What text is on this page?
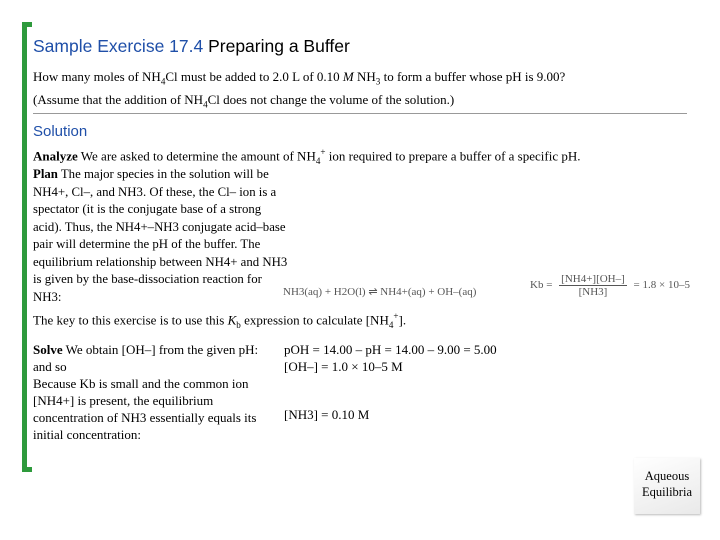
Sample Exercise 17.4 Preparing a Buffer
How many moles of $NH_4Cl$ must be added to 2.0 L of 0.10 M $NH_3$ to form a buffer whose pH is 9.00?
(Assume that the addition of $NH_4Cl$ does not change the volume of the solution.)
Solution
Analyze We are asked to determine the amount of $NH_4^+$ ion required to prepare a buffer of a specific pH.
Plan The major species in the solution will be NH4+, Cl–, and NH3. Of these, the Cl– ion is a spectator (it is the conjugate base of a strong acid). Thus, the NH4+–NH3 conjugate acid–base pair will determine the pH of the buffer. The equilibrium relationship between NH4+ and NH3 is given by the base-dissociation reaction for NH3:	NH3(aq) + H2O(l) ⇌ NH4+(aq) + OH–(aq)
$Kb = \frac{[NH4+][OH-]}{[NH3]} = 1.8 \times 10-5$
The key to this exercise is to use this $K_b$ expression to calculate $[NH_4^+]$.
Solve We obtain [OH–] from the given pH:
and so
Because Kb is small and the common ion [NH4+] is present, the equilibrium concentration of NH3 essentially equals its initial concentration:
pOH = 14.00 – pH = 14.00 – 9.00 = 5.00
[OH–] = 1.0 × 10–5 M
[NH3] = 0.10 M
Aqueous
Equilibria
